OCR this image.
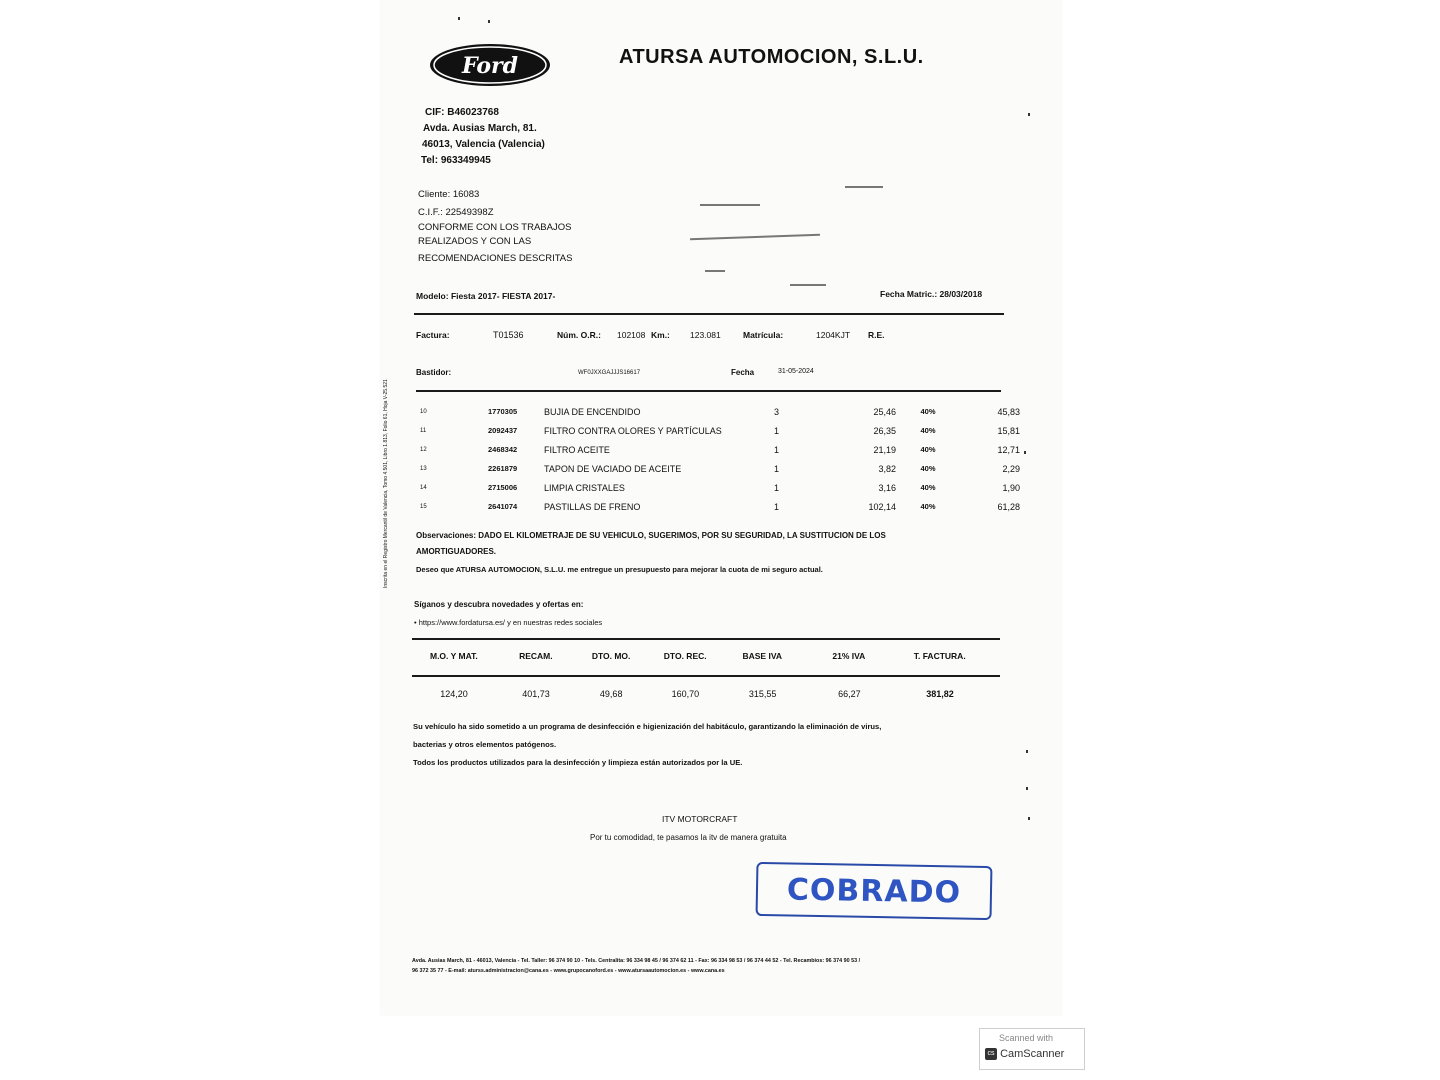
Ford	ATURSA AUTOMOCION, S.L.U.
CIF: B46023768
Avda. Ausias March, 81.
46013, Valencia (Valencia)
Tel: 963349945
Cliente: 16083
C.I.F.: 22549398Z
CONFORME CON LOS TRABAJOS
REALIZADOS Y CON LAS
RECOMENDACIONES DESCRITAS
Modelo: Fiesta 2017- FIESTA 2017-	Fecha Matric.: 28/03/2018
Factura:	T01536	Núm. O.R.: 102108 Km.: 123.081	Matrícula:	1204KJT R.E.
Bastidor:	WF0JXXGAJJJS16617	Fecha	31-05-2024
10	1770305	BUJIA DE ENCENDIDO	3	25,46	40%	45,83
11	2092437	FILTRO CONTRA OLORES Y PARTÍCULAS	1	26,35	40%	15,81
12	2468342	FILTRO ACEITE	1	21,19	40%	12,71
13	2261879	TAPON DE VACIADO DE ACEITE	1	3,82	40%	2,29
14	2715006	LIMPIA CRISTALES	1	3,16	40%	1,90
15	2641074	PASTILLAS DE FRENO	1	102,14	40%	61,28
Observaciones: DADO EL KILOMETRAJE DE SU VEHICULO, SUGERIMOS, POR SU SEGURIDAD, LA SUSTITUCION DE LOS
AMORTIGUADORES.
Deseo que ATURSA AUTOMOCION, S.L.U. me entregue un presupuesto para mejorar la cuota de mi seguro actual.
Síganos y descubra novedades y ofertas en:
• https://www.fordatursa.es/ y en nuestras redes sociales
M.O. Y MAT.	RECAM.	DTO. MO.	DTO. REC.	BASE IVA	21% IVA	T. FACTURA.
124,20	401,73	49,68	160,70	315,55	66,27	381,82
Su vehículo ha sido sometido a un programa de desinfección e higienización del habitáculo, garantizando la eliminación de virus,
bacterias y otros elementos patógenos.
Todos los productos utilizados para la desinfección y limpieza están autorizados por la UE.
ITV MOTORCRAFT
Por tu comodidad, te pasamos la itv de manera gratuita
COBRADO
Avda. Ausias March, 81 - 46013, Valencia - Tel. Taller: 96 374 90 10 - Tels. Centralita: 96 334 98 45 / 96 374 62 11 - Fax: 96 334 98 53 / 96 374 44 52 - Tel. Recambios: 96 374 90 53 /
96 372 35 77 - E-mail: aturss.administracion@cana.es - www.grupocanoford.es - www.atursaautomocion.es - www.cana.es
Inscrita en el Registro Mercantil de Valencia, Tomo 4.501, Libro 1.813, Folio 61, Hoja V-25.521
Scanned with
cs CamScanner
